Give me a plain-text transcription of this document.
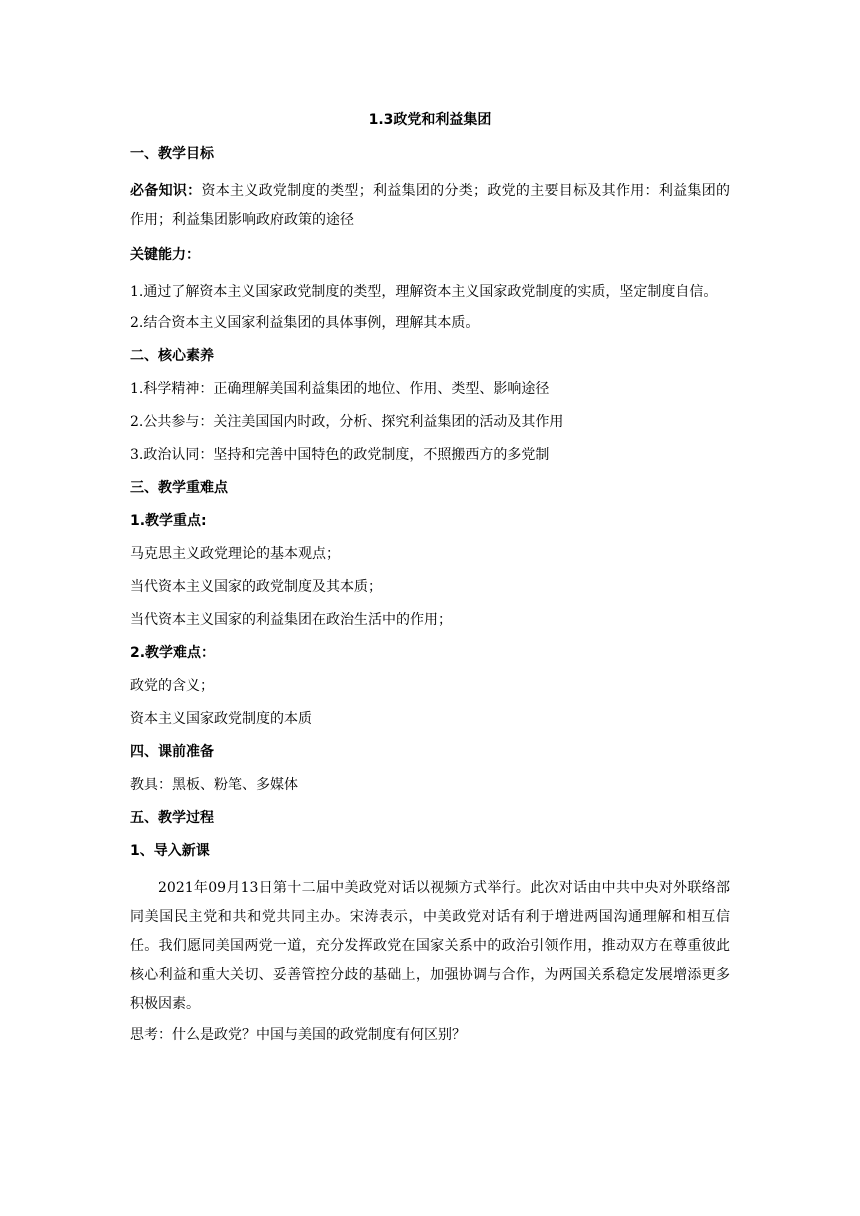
1.3政党和利益集团
一、教学目标
必备知识：资本主义政党制度的类型；利益集团的分类；政党的主要目标及其作用：利益集团的作用；利益集团影响政府政策的途径
关键能力：
1.通过了解资本主义国家政党制度的类型，理解资本主义国家政党制度的实质，坚定制度自信。
2.结合资本主义国家利益集团的具体事例，理解其本质。
二、核心素养
1.科学精神：正确理解美国利益集团的地位、作用、类型、影响途径
2.公共参与：关注美国国内时政，分析、探究利益集团的活动及其作用
3.政治认同：坚持和完善中国特色的政党制度，不照搬西方的多党制
三、教学重难点
1.教学重点:
马克思主义政党理论的基本观点；
当代资本主义国家的政党制度及其本质；
当代资本主义国家的利益集团在政治生活中的作用；
2.教学难点：
政党的含义；
资本主义国家政党制度的本质
四、课前准备
教具：黑板、粉笔、多媒体
五、教学过程
1、导入新课
2021年09月13日第十二届中美政党对话以视频方式举行。此次对话由中共中央对外联络部同美国民主党和共和党共同主办。宋涛表示，中美政党对话有利于增进两国沟通理解和相互信任。我们愿同美国两党一道，充分发挥政党在国家关系中的政治引领作用，推动双方在尊重彼此核心利益和重大关切、妥善管控分歧的基础上，加强协调与合作，为两国关系稳定发展增添更多积极因素。
思考：什么是政党？中国与美国的政党制度有何区别？
